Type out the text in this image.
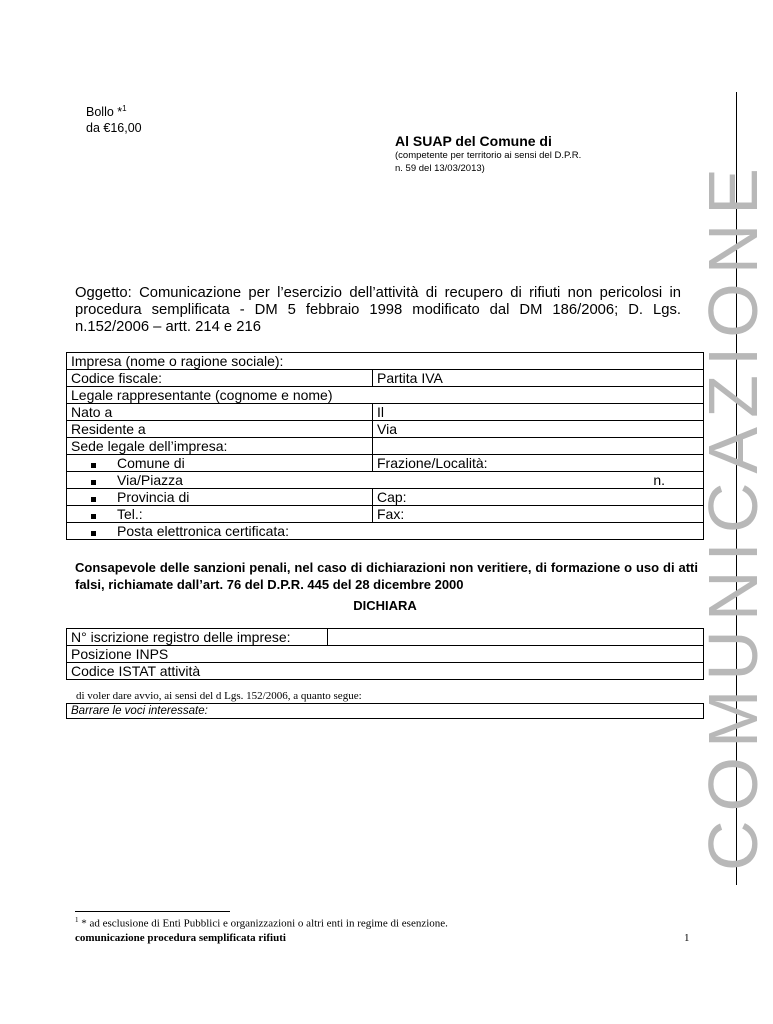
Bollo *$^1$
da €16,00
Al SUAP del Comune di
(competente per territorio ai sensi del D.P.R.
n. 59 del 13/03/2013)	COMUNICAZIONE
Oggetto: Comunicazione per l’esercizio dell’attività di recupero di rifiuti non pericolosi in procedura semplificata - DM 5 febbraio 1998 modificato dal DM 186/2006; D. Lgs. n.152/2006 – artt. 214 e 216
Impresa (nome o ragione sociale):	
Codice fiscale:	Partita IVA
Legale rappresentante (cognome e nome)	
Nato a	Il
Residente a	Via
Sede legale dell’impresa:	
Comune di	Frazione/Località:
Via/Piazza n.	

Provincia di	Cap:
Tel.:	Fax:
Posta elettronica certificata:	
Consapevole delle sanzioni penali, nel caso di dichiarazioni non veritiere, di formazione o uso di atti falsi, richiamate dall’art. 76 del D.P.R. 445 del 28 dicembre 2000
DICHIARA
N° iscrizione registro delle imprese:	
Posizione INPS
Codice ISTAT attività
di voler dare avvio, ai sensi del d Lgs. 152/2006, a quanto segue:
Barrare le voci interessate:
$^1$ * ad esclusione di Enti Pubblici e organizzazioni o altri enti in regime di esenzione.
comunicazione procedura semplificata rifiuti	1
